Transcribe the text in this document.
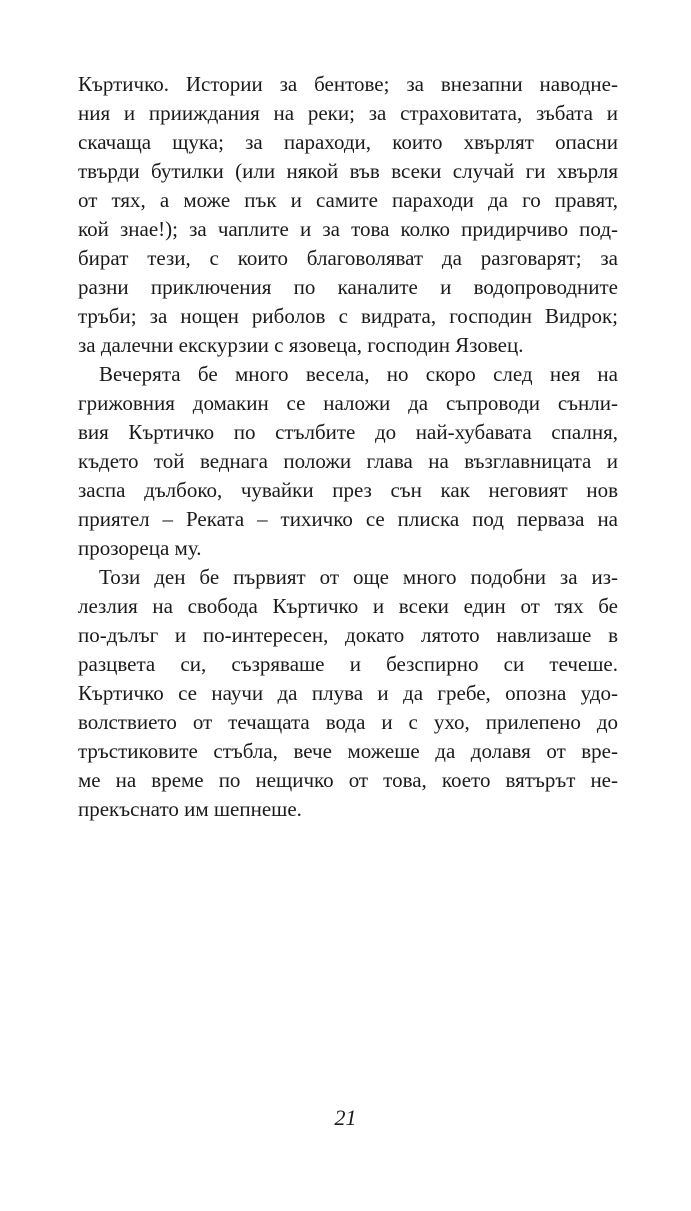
Къртичко. Истории за бентове; за внезапни наводне-
ния и прииждания на реки; за страховитата, зъбата и
скачаща щука; за параходи, които хвърлят опасни
твърди бутилки (или някой във всеки случай ги хвърля
от тях, а може пък и самите параходи да го правят,
кой знае!); за чаплите и за това колко придирчиво под-
бират тези, с които благоволяват да разговарят; за
разни приключения по каналите и водопроводните
тръби; за нощен риболов с видрата, господин Видрок;
за далечни екскурзии с язовеца, господин Язовец.
 Вечерята бе много весела, но скоро след нея на
грижовния домакин се наложи да съпроводи сънли-
вия Къртичко по стълбите до най-хубавата спалня,
където той веднага положи глава на възглавницата и
заспа дълбоко, чувайки през сън как неговият нов
приятел – Реката – тихичко се плиска под перваза на
прозореца му.
 Този ден бе първият от още много подобни за из-
лезлия на свобода Къртичко и всеки един от тях бе
по-дълъг и по-интересен, докато лятото навлизаше в
разцвета си, съзряваше и безспирно си течеше.
Къртичко се научи да плува и да гребе, опозна удо-
волствието от течащата вода и с ухо, прилепено до
тръстиковите стъбла, вече можеше да долавя от вре-
ме на време по нещичко от това, което вятърът не-
прекъснато им шепнеше.
21
